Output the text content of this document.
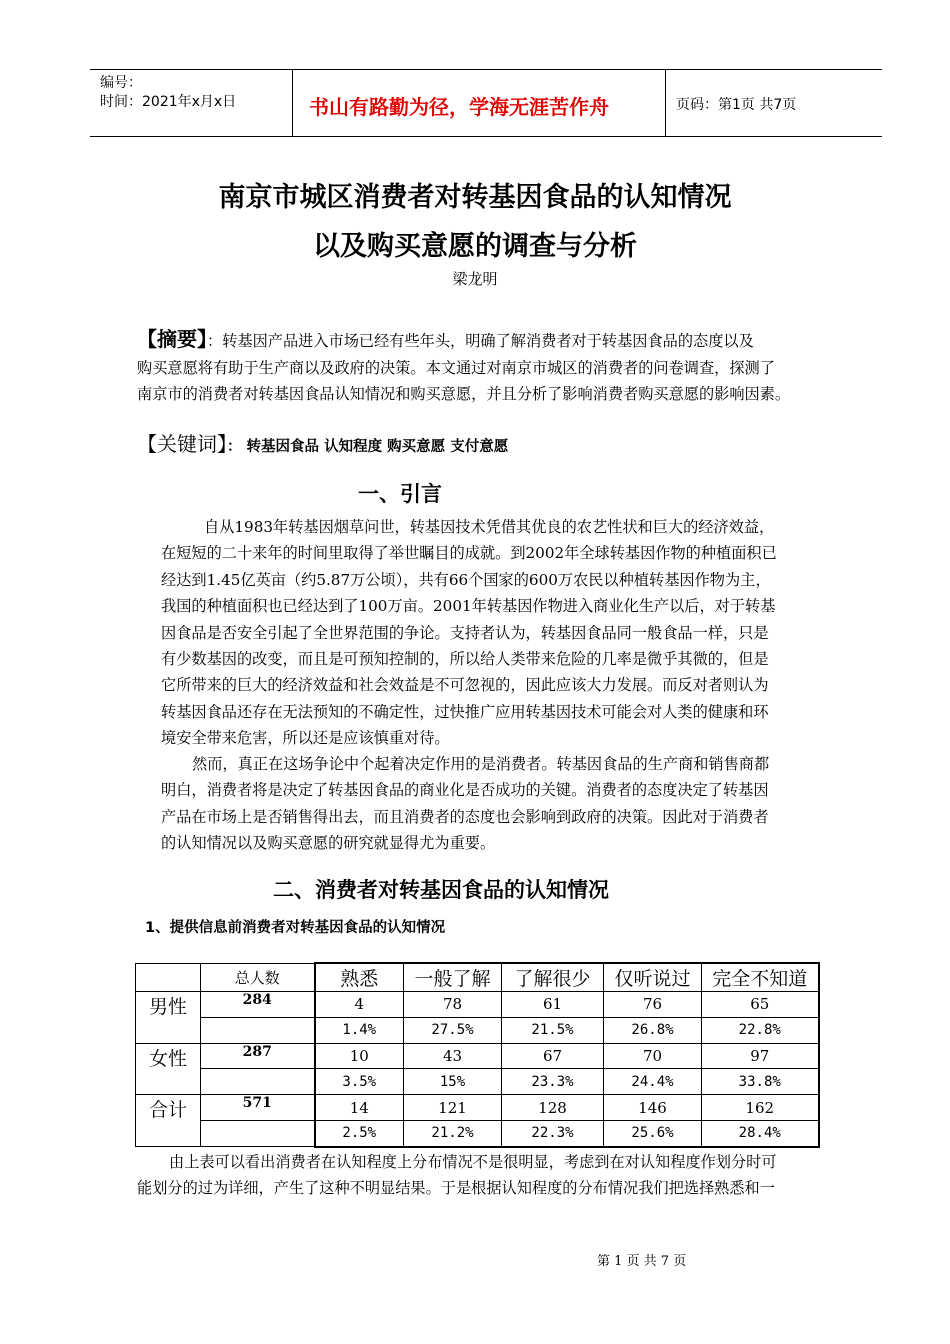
编号：
时间：2021年x月x日	书山有路勤为径，学海无涯苦作舟	页码：第1页 共7页
南京市城区消费者对转基因食品的认知情况
以及购买意愿的调查与分析
梁龙明
【摘要】：转基因产品进入市场已经有些年头，明确了解消费者对于转基因食品的态度以及
购买意愿将有助于生产商以及政府的决策。本文通过对南京市城区的消费者的问卷调查，探测了
南京市的消费者对转基因食品认知情况和购买意愿，并且分析了影响消费者购买意愿的影响因素。
【关键词】： 转基因食品 认知程度 购买意愿 支付意愿
一、引言
自从1983年转基因烟草问世，转基因技术凭借其优良的农艺性状和巨大的经济效益，
在短短的二十来年的时间里取得了举世瞩目的成就。到2002年全球转基因作物的种植面积已
经达到1.45亿英亩（约5.87万公顷），共有66个国家的600万农民以种植转基因作物为主，
我国的种植面积也已经达到了100万亩。2001年转基因作物进入商业化生产以后，对于转基
因食品是否安全引起了全世界范围的争论。支持者认为，转基因食品同一般食品一样，只是
有少数基因的改变，而且是可预知控制的，所以给人类带来危险的几率是微乎其微的，但是
它所带来的巨大的经济效益和社会效益是不可忽视的，因此应该大力发展。而反对者则认为
转基因食品还存在无法预知的不确定性，过快推广应用转基因技术可能会对人类的健康和环
境安全带来危害，所以还是应该慎重对待。
然而，真正在这场争论中个起着决定作用的是消费者。转基因食品的生产商和销售商都
明白，消费者将是决定了转基因食品的商业化是否成功的关键。消费者的态度决定了转基因
产品在市场上是否销售得出去，而且消费者的态度也会影响到政府的决策。因此对于消费者
的认知情况以及购买意愿的研究就显得尤为重要。
二、消费者对转基因食品的认知情况
1、提供信息前消费者对转基因食品的认知情况
	总人数	熟悉	一般了解	了解很少	仅听说过	完全不知道
男性	284	4	78	61	76	65
		1.4%	27.5%	21.5%	26.8%	22.8%
女性	287	10	43	67	70	97
		3.5%	15%	23.3%	24.4%	33.8%
合计	571	14	121	128	146	162
		2.5%	21.2%	22.3%	25.6%	28.4%
由上表可以看出消费者在认知程度上分布情况不是很明显，考虑到在对认知程度作划分时可
能划分的过为详细，产生了这种不明显结果。于是根据认知程度的分布情况我们把选择熟悉和一
第 1 页 共 7 页
